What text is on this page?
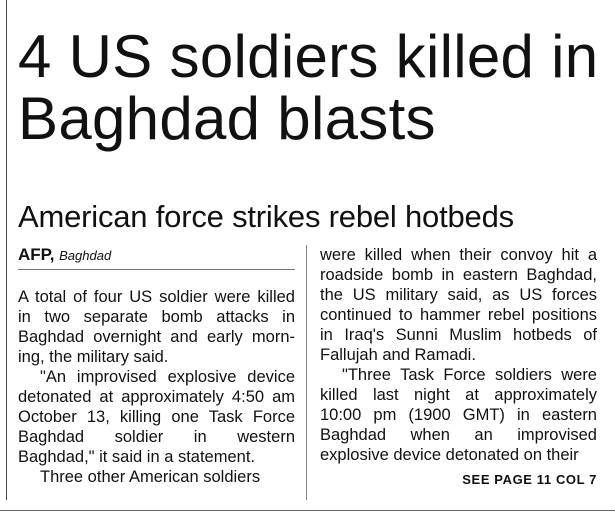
4 US soldiers killed in Baghdad blasts
American force strikes rebel hotbeds
AFP, Baghdad

A total of four US soldier were killed in two separate bomb attacks in Baghdad overnight and early morning, the military said.

"An improvised explosive device detonated at approximately 4:50 am October 13, killing one Task Force Baghdad soldier in western Baghdad," it said in a statement.

Three other American soldiers

were killed when their convoy hit a roadside bomb in eastern Baghdad, the US military said, as US forces continued to hammer rebel positions in Iraq's Sunni Muslim hotbeds of Fallujah and Ramadi.

"Three Task Force soldiers were killed last night at approximately 10:00 pm (1900 GMT) in eastern Baghdad when an improvised explosive device detonated on their

SEE PAGE 11 COL 7
